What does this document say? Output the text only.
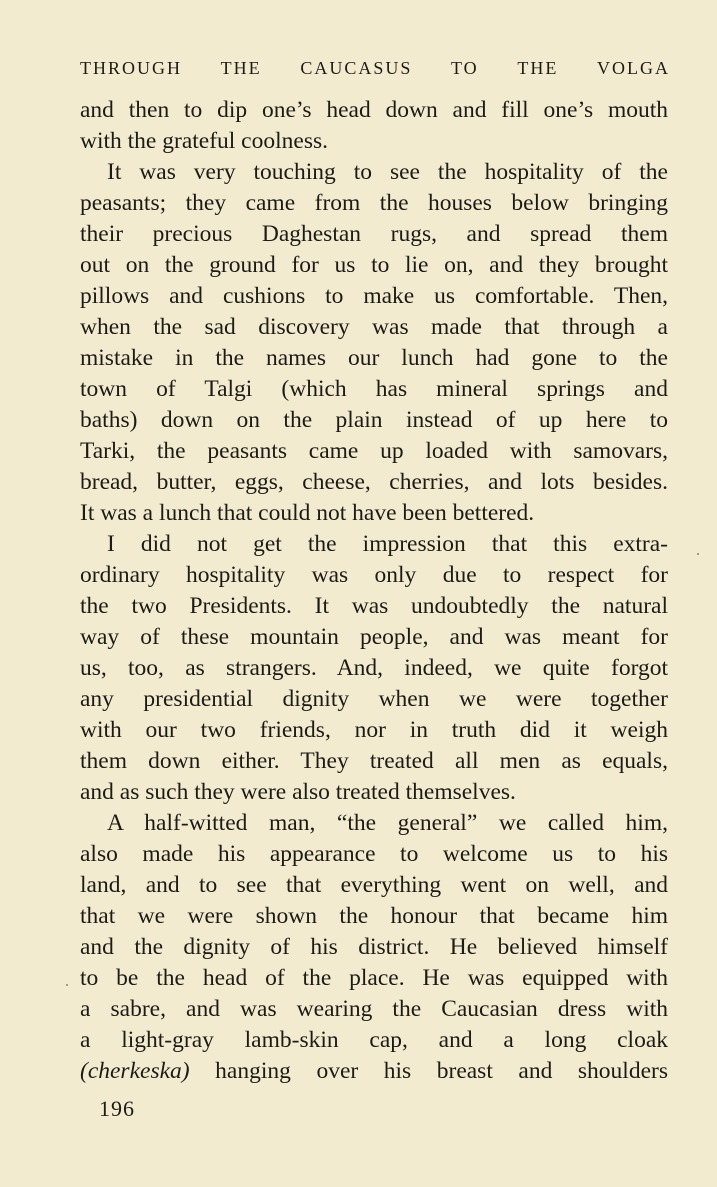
THROUGH THE CAUCASUS TO THE VOLGA
and then to dip one’s head down and fill one’s mouth
with the grateful coolness.
It was very touching to see the hospitality of the
peasants; they came from the houses below bringing
their precious Daghestan rugs, and spread them
out on the ground for us to lie on, and they brought
pillows and cushions to make us comfortable. Then,
when the sad discovery was made that through a
mistake in the names our lunch had gone to the
town of Talgi (which has mineral springs and
baths) down on the plain instead of up here to
Tarki, the peasants came up loaded with samovars,
bread, butter, eggs, cheese, cherries, and lots besides.
It was a lunch that could not have been bettered.
I did not get the impression that this extra-
ordinary hospitality was only due to respect for
the two Presidents. It was undoubtedly the natural
way of these mountain people, and was meant for
us, too, as strangers. And, indeed, we quite forgot
any presidential dignity when we were together
with our two friends, nor in truth did it weigh
them down either. They treated all men as equals,
and as such they were also treated themselves.
A half-witted man, “the general” we called him,
also made his appearance to welcome us to his
land, and to see that everything went on well, and
that we were shown the honour that became him
and the dignity of his district. He believed himself
to be the head of the place. He was equipped with
a sabre, and was wearing the Caucasian dress with
a light-gray lamb-skin cap, and a long cloak
(cherkeska) hanging over his breast and shoulders
196
